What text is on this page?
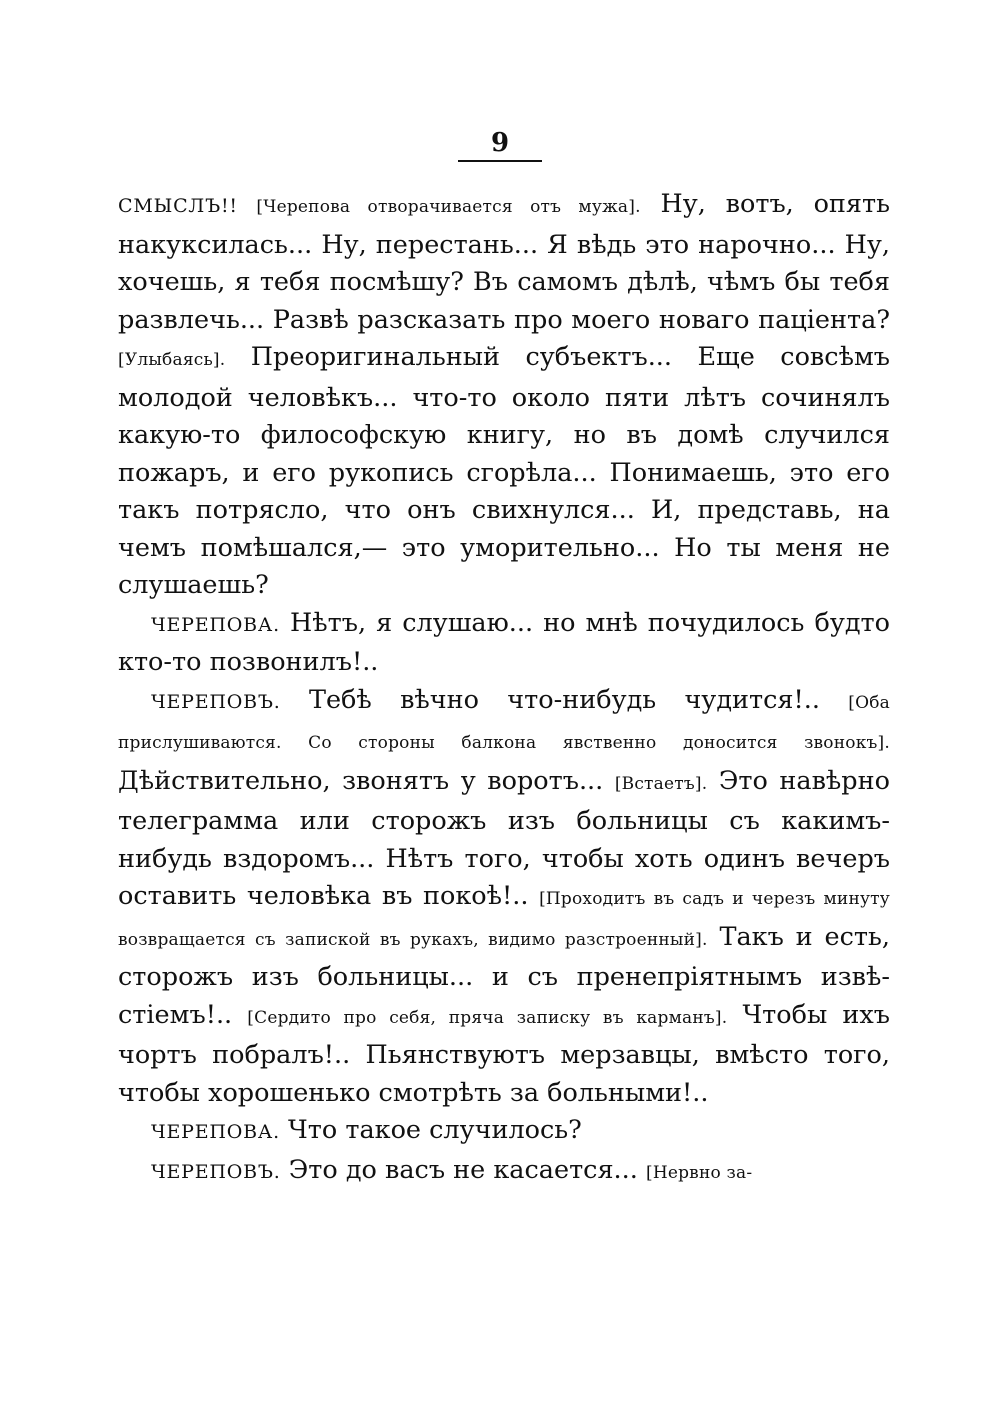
9

СМЫСЛЪ!! [Черепова отворачивается отъ мужа]. Ну, вотъ, опять накуксилась... Ну, перестань... Я вѣдь это нарочно... Ну, хочешь, я тебя посмѣшу? Въ самомъ дѣлѣ, чѣмъ бы тебя развлечь... Развѣ разсказать про моего новаго паціента? [Улыбаясь]. Преоригинальный субъектъ... Еще совсѣмъ молодой человѣкъ... что-то около пяти лѣтъ сочинялъ какую-то философскую книгу, но въ домѣ случился пожаръ, и его рукопись сгорѣла... Понимаешь, это его такъ потрясло, что онъ свихнулся... И, представь, на чемъ помѣшался,— это уморительно... Но ты меня не слушаешь?

ЧЕРЕПОВА. Нѣтъ, я слушаю... но мнѣ почудилось будто кто-то позвонилъ!..

ЧЕРЕПОВЪ. Тебѣ вѣчно что-нибудь чудится!.. [Оба прислушиваются. Со стороны балкона явственно доносится звонокъ]. Дѣйствительно, звонятъ у воротъ... [Встаетъ]. Это навѣрно телеграмма или сторожъ изъ больницы съ какимъ-нибудь вздоромъ... Нѣтъ того, чтобы хоть одинъ вечеръ оставить человѣка въ покоѣ!.. [Проходитъ въ садъ и черезъ минуту возвращается съ запиской въ рукахъ, видимо разстроенный]. Такъ и есть, сторожъ изъ больницы... и съ пренепріятнымъ извѣстіемъ!.. [Сердито про себя, пряча записку въ карманъ]. Чтобы ихъ чортъ побралъ!.. Пьянствуютъ мерзавцы, вмѣсто того, чтобы хорошенько смотрѣть за больными!..

ЧЕРЕПОВА. Что такое случилось?

ЧЕРЕПОВЪ. Это до васъ не касается... [Нервно за-
